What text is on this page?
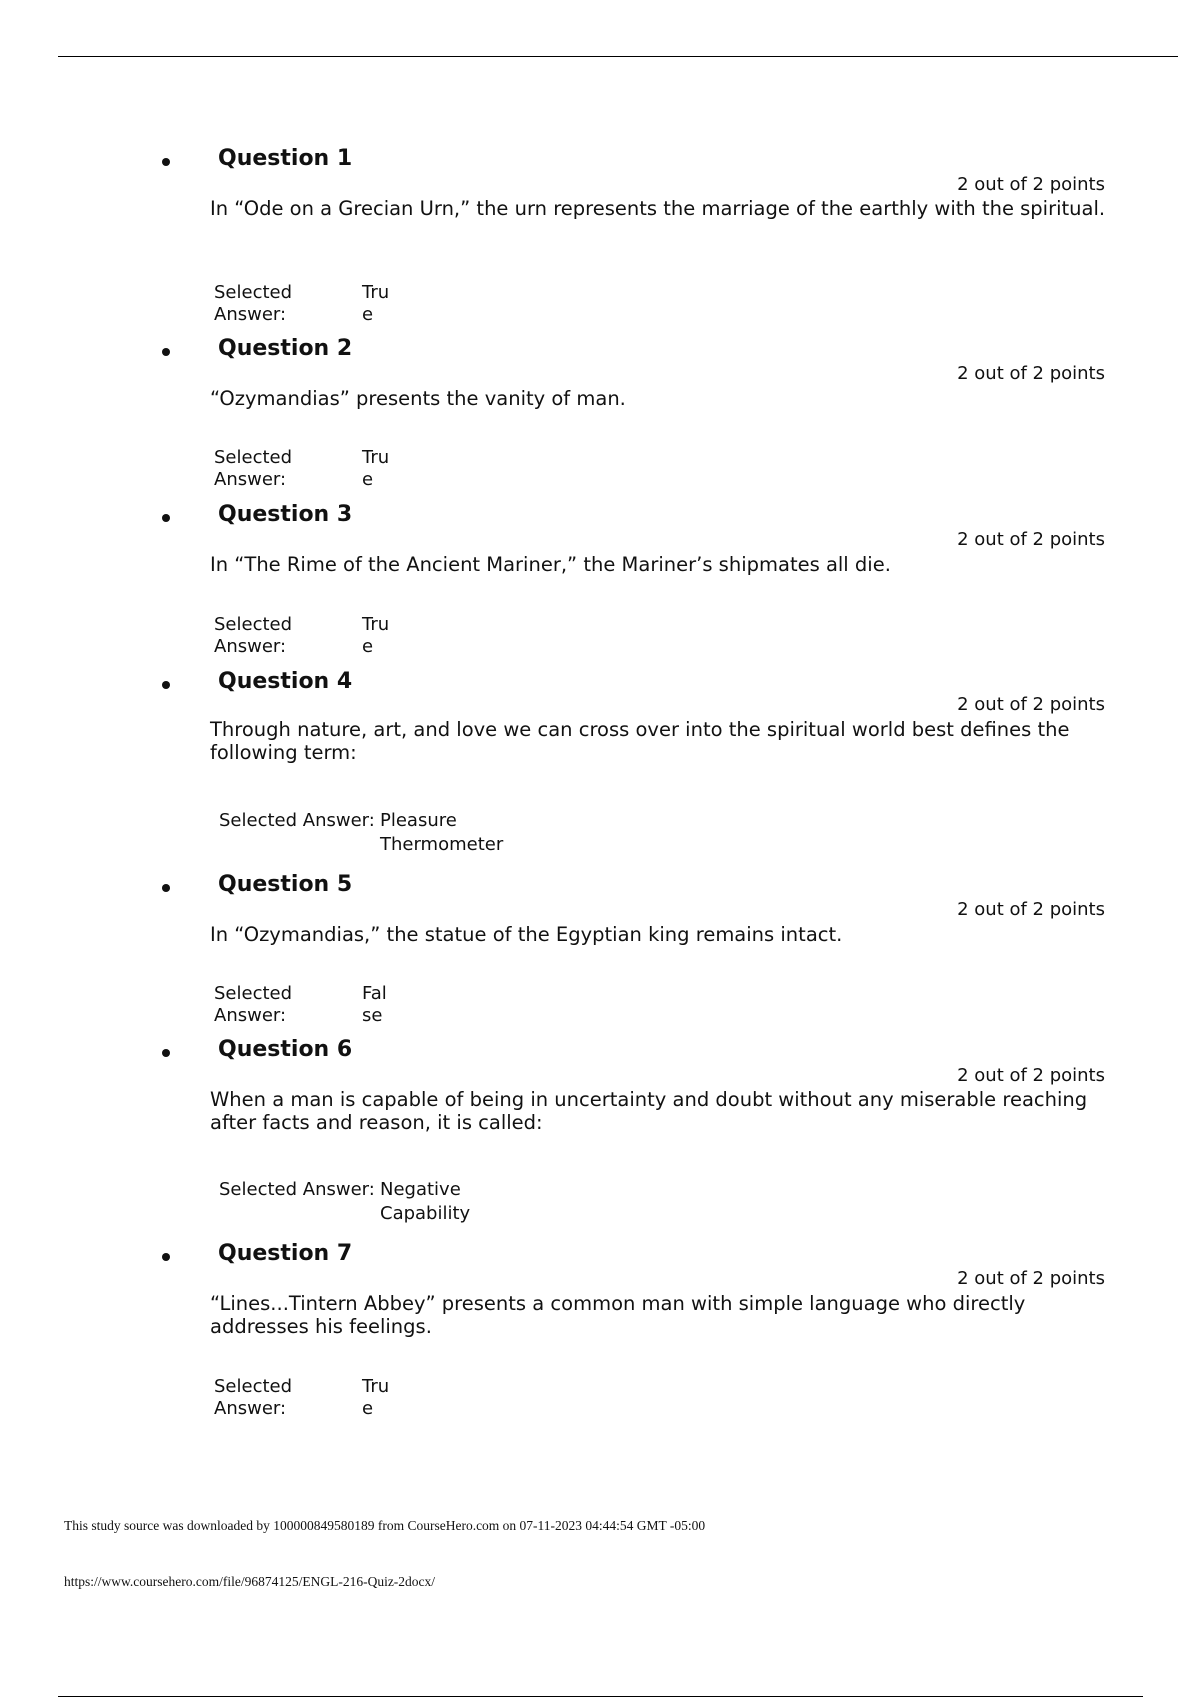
Question 1
2 out of 2 points
In “Ode on a Grecian Urn,” the urn represents the marriage of the earthly with the spiritual.
Selected Answer:	True
Question 2
2 out of 2 points
“Ozymandias” presents the vanity of man.
Selected Answer:	True
Question 3
2 out of 2 points
In “The Rime of the Ancient Mariner,” the Mariner’s shipmates all die.
Selected Answer:	True
Question 4
2 out of 2 points
Through nature, art, and love we can cross over into the spiritual world best defines the following term:
Selected Answer:	Pleasure Thermometer
Question 5
2 out of 2 points
In “Ozymandias,” the statue of the Egyptian king remains intact.
Selected Answer:	False
Question 6
2 out of 2 points
When a man is capable of being in uncertainty and doubt without any miserable reaching after facts and reason, it is called:
Selected Answer:	Negative Capability
Question 7
2 out of 2 points
“Lines...Tintern Abbey” presents a common man with simple language who directly addresses his feelings.
Selected Answer:	True
This study source was downloaded by 100000849580189 from CourseHero.com on 07-11-2023 04:44:54 GMT -05:00
https://www.coursehero.com/file/96874125/ENGL-216-Quiz-2docx/
